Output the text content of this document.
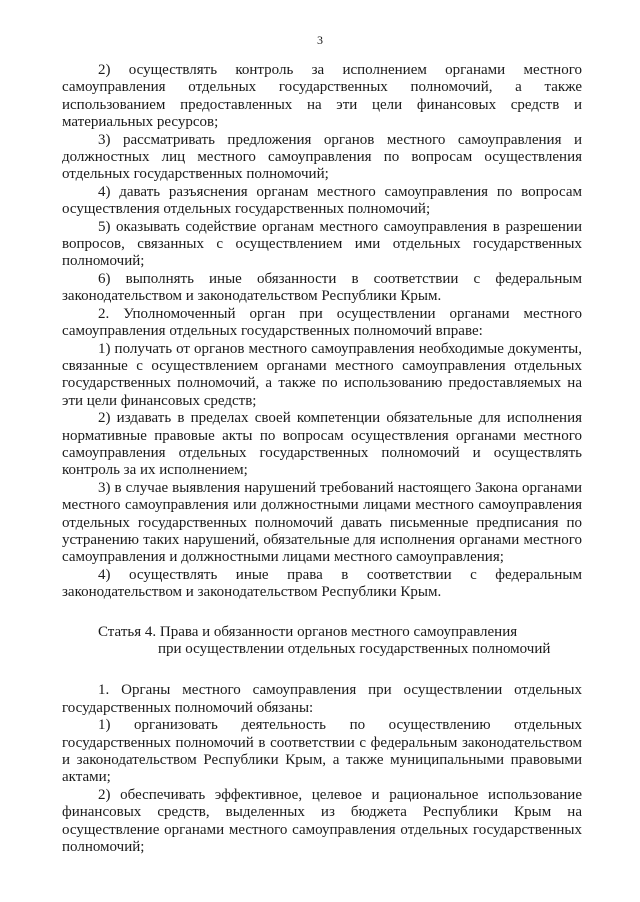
3

2) осуществлять контроль за исполнением органами местного самоуправления отдельных государственных полномочий, а также использованием предоставленных на эти цели финансовых средств и материальных ресурсов;

3) рассматривать предложения органов местного самоуправления и должностных лиц местного самоуправления по вопросам осуществления отдельных государственных полномочий;

4) давать разъяснения органам местного самоуправления по вопросам осуществления отдельных государственных полномочий;

5) оказывать содействие органам местного самоуправления в разрешении вопросов, связанных с осуществлением ими отдельных государственных полномочий;

6) выполнять иные обязанности в соответствии с федеральным законодательством и законодательством Республики Крым.

2. Уполномоченный орган при осуществлении органами местного самоуправления отдельных государственных полномочий вправе:

1) получать от органов местного самоуправления необходимые документы, связанные с осуществлением органами местного самоуправления отдельных государственных полномочий, а также по использованию предоставляемых на эти цели финансовых средств;

2) издавать в пределах своей компетенции обязательные для исполнения нормативные правовые акты по вопросам осуществления органами местного самоуправления отдельных государственных полномочий и осуществлять контроль за их исполнением;

3) в случае выявления нарушений требований настоящего Закона органами местного самоуправления или должностными лицами местного самоуправления отдельных государственных полномочий давать письменные предписания по устранению таких нарушений, обязательные для исполнения органами местного самоуправления и должностными лицами местного самоуправления;

4) осуществлять иные права в соответствии с федеральным законодательством и законодательством Республики Крым.

Статья 4. Права и обязанности органов местного самоуправления
при осуществлении отдельных государственных полномочий

1. Органы местного самоуправления при осуществлении отдельных государственных полномочий обязаны:

1) организовать деятельность по осуществлению отдельных государственных полномочий в соответствии с федеральным законодательством и законодательством Республики Крым, а также муниципальными правовыми актами;

2) обеспечивать эффективное, целевое и рациональное использование финансовых средств, выделенных из бюджета Республики Крым на осуществление органами местного самоуправления отдельных государственных полномочий;
